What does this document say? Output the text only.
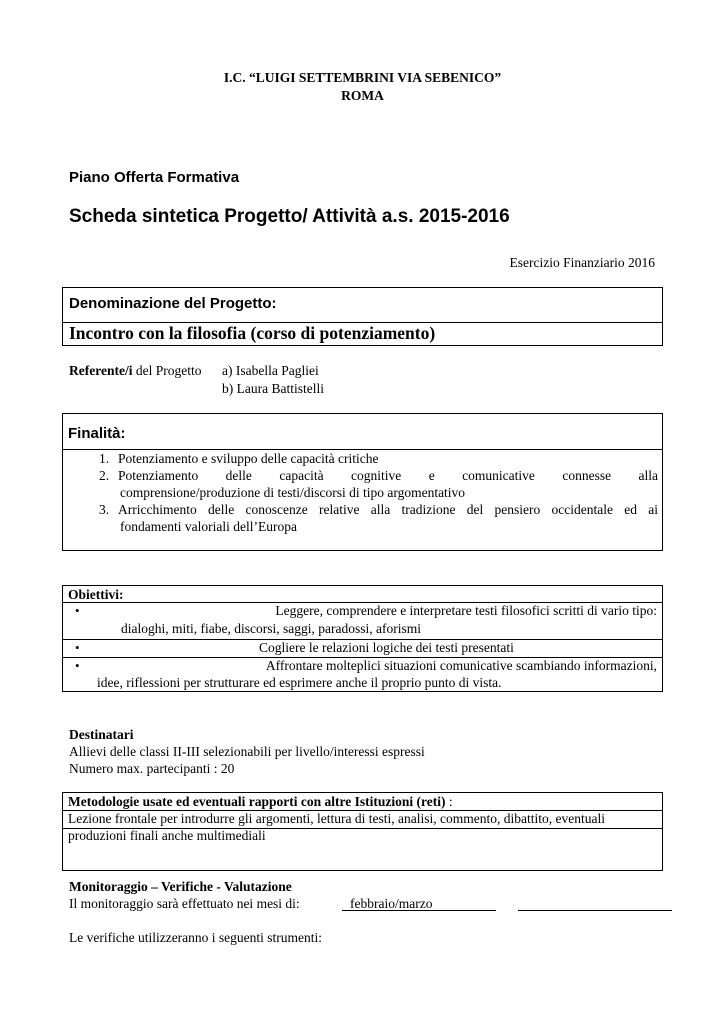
I.C. “LUIGI SETTEMBRINI VIA SEBENICO”
ROMA
Piano Offerta Formativa
Scheda sintetica Progetto/ Attività a.s. 2015-2016
Esercizio Finanziario 2016
Denominazione del Progetto:
Incontro con la filosofia (corso di potenziamento)
Referente/i del Progetto a) Isabella Pagliei
b) Laura Battistelli
Finalità:
1. Potenziamento e sviluppo delle capacità critiche
2. Potenziamento delle capacità cognitive e comunicative connesse alla
comprensione/produzione di testi/discorsi di tipo argomentativo
3. Arricchimento delle conoscenze relative alla tradizione del pensiero occidentale ed ai
fondamenti valoriali dell’Europa
Obiettivi:
•	Leggere, comprendere e interpretare testi filosofici scritti di vario tipo:
dialoghi, miti, fiabe, discorsi, saggi, paradossi, aforismi
•	Cogliere le relazioni logiche dei testi presentati
•	Affrontare molteplici situazioni comunicative scambiando informazioni,
idee, riflessioni per strutturare ed esprimere anche il proprio punto di vista.
Destinatari
Allievi delle classi II-III selezionabili per livello/interessi espressi
Numero max. partecipanti : 20
Metodologie usate ed eventuali rapporti con altre Istituzioni (reti) :
Lezione frontale per introdurre gli argomenti, lettura di testi, analisi, commento, dibattito, eventuali
produzioni finali anche multimediali
Monitoraggio – Verifiche - Valutazione
Il monitoraggio sarà effettuato nei mesi di:	febbraio/marzo
Le verifiche utilizzeranno i seguenti strumenti:
